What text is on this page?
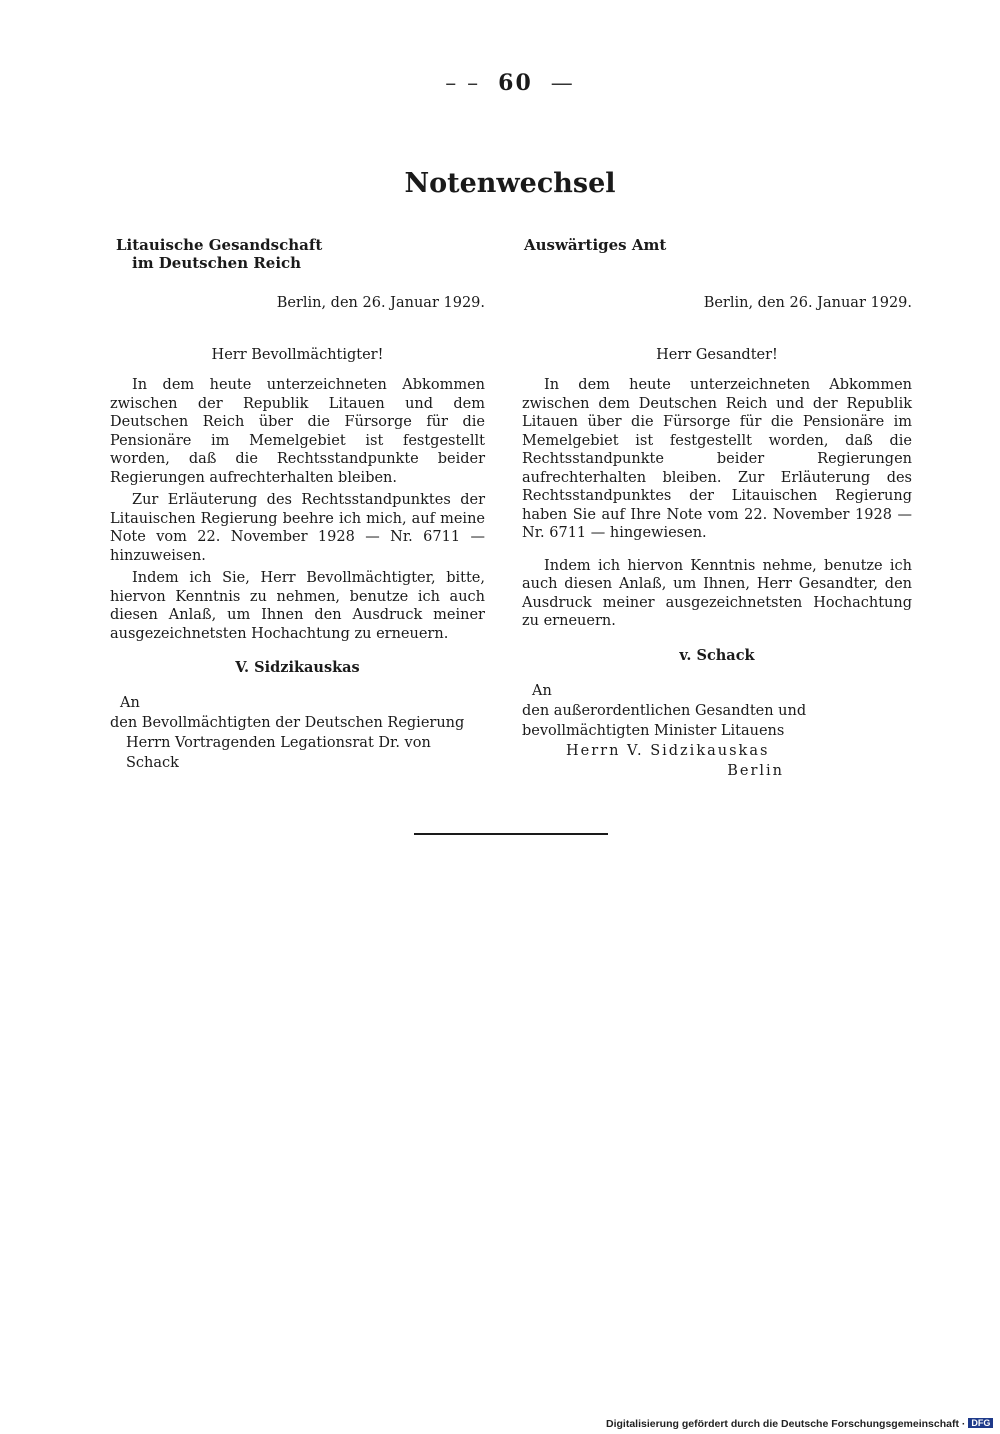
– –  60  —
Notenwechsel
Litauische Gesandschaft
im Deutschen Reich
Berlin, den 26. Januar 1929.
Herr Bevollmächtigter!

In dem heute unterzeichneten Abkommen zwischen der Republik Litauen und dem Deutschen Reich über die Fürsorge für die Pensionäre im Memelgebiet ist festgestellt worden, daß die Rechtsstandpunkte beider Regierungen aufrechterhalten bleiben.

Zur Erläuterung des Rechtsstandpunktes der Litauischen Regierung beehre ich mich, auf meine Note vom 22. November 1928 — Nr. 6711 — hinzuweisen.

Indem ich Sie, Herr Bevollmächtigter, bitte, hiervon Kenntnis zu nehmen, benutze ich auch diesen Anlaß, um Ihnen den Ausdruck meiner ausgezeichnetsten Hochachtung zu erneuern.

V. Sidzikauskas
An
den Bevollmächtigten der Deutschen Regierung
Herrn Vortragenden Legationsrat Dr. von Schack
Auswärtiges Amt
Berlin, den 26. Januar 1929.
Herr Gesandter!

In dem heute unterzeichneten Abkommen zwischen dem Deutschen Reich und der Republik Litauen über die Fürsorge für die Pensionäre im Memelgebiet ist festgestellt worden, daß die Rechtsstandpunkte beider Regierungen aufrechterhalten bleiben. Zur Erläuterung des Rechtsstandpunktes der Litauischen Regierung haben Sie auf Ihre Note vom 22. November 1928 — Nr. 6711 — hingewiesen.

Indem ich hiervon Kenntnis nehme, benutze ich auch diesen Anlaß, um Ihnen, Herr Gesandter, den Ausdruck meiner ausgezeichnetsten Hochachtung zu erneuern.

v. Schack
An
den außerordentlichen Gesandten und
bevollmächtigten Minister Litauens
Herrn V. Sidzikauskas
Berlin
Digitalisierung gefördert durch die Deutsche Forschungsgemeinschaft · DFG
